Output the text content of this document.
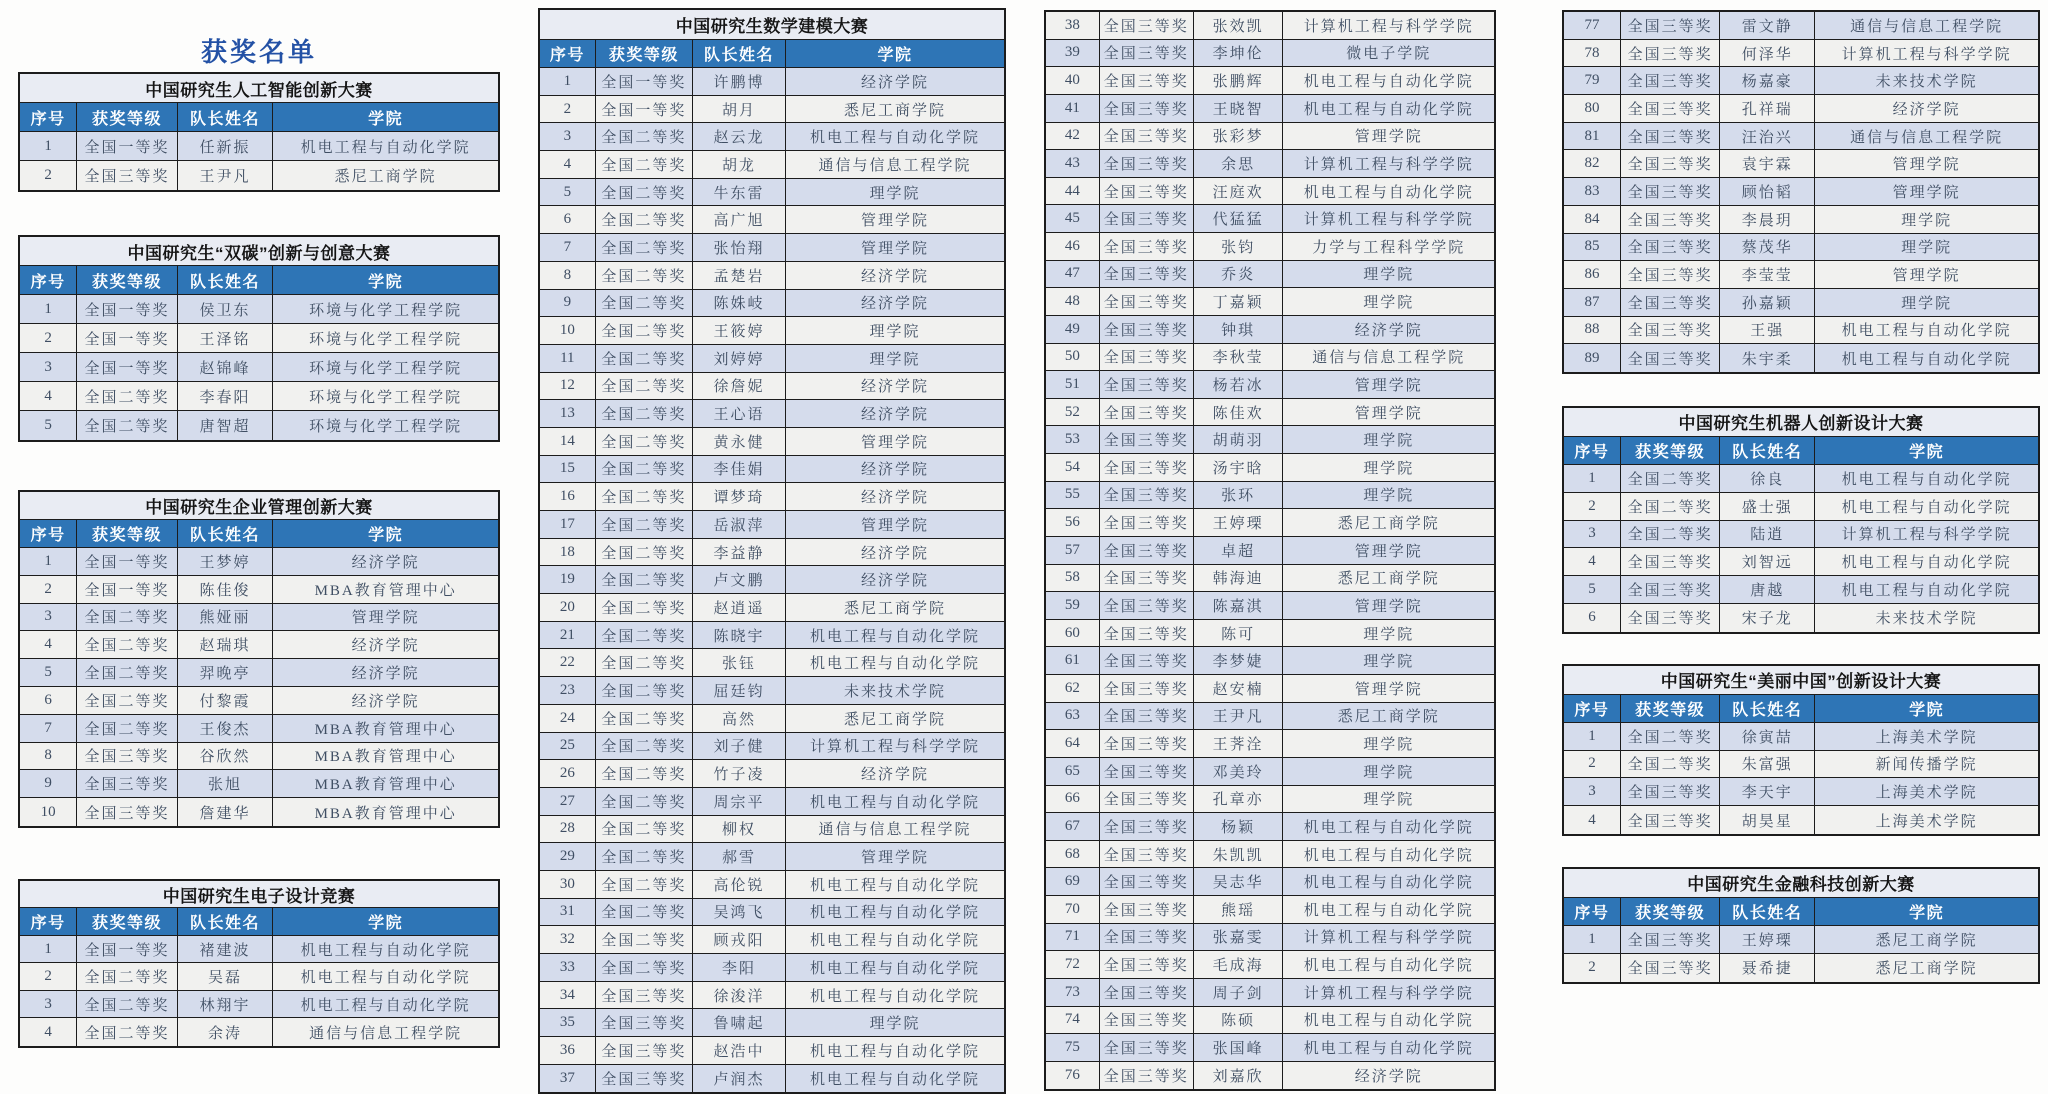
获奖名单
中国研究生人工智能创新大赛
序号	获奖等级	队长姓名	学院
1	全国一等奖	任新振	机电工程与自动化学院
2	全国三等奖	王尹凡	悉尼工商学院
中国研究生“双碳”创新与创意大赛
序号	获奖等级	队长姓名	学院
1	全国一等奖	侯卫东	环境与化学工程学院
2	全国一等奖	王泽铭	环境与化学工程学院
3	全国一等奖	赵锦峰	环境与化学工程学院
4	全国二等奖	李春阳	环境与化学工程学院
5	全国二等奖	唐智超	环境与化学工程学院
中国研究生企业管理创新大赛
序号	获奖等级	队长姓名	学院
1	全国一等奖	王梦婷	经济学院
2	全国一等奖	陈佳俊	MBA教育管理中心
3	全国二等奖	熊娅丽	管理学院
4	全国二等奖	赵瑞琪	经济学院
5	全国二等奖	羿晚亭	经济学院
6	全国二等奖	付黎霞	经济学院
7	全国二等奖	王俊杰	MBA教育管理中心
8	全国三等奖	谷欣然	MBA教育管理中心
9	全国三等奖	张旭	MBA教育管理中心
10	全国三等奖	詹建华	MBA教育管理中心
中国研究生电子设计竞赛
序号	获奖等级	队长姓名	学院
1	全国一等奖	褚建波	机电工程与自动化学院
2	全国二等奖	吴磊	机电工程与自动化学院
3	全国二等奖	林翔宇	机电工程与自动化学院
4	全国二等奖	余涛	通信与信息工程学院
中国研究生数学建模大赛
序号	获奖等级	队长姓名	学院
1	全国一等奖	许鹏博	经济学院
2	全国一等奖	胡月	悉尼工商学院
3	全国二等奖	赵云龙	机电工程与自动化学院
4	全国二等奖	胡龙	通信与信息工程学院
5	全国二等奖	牛东雷	理学院
6	全国二等奖	高广旭	管理学院
7	全国二等奖	张怡翔	管理学院
8	全国二等奖	孟楚岩	经济学院
9	全国二等奖	陈姝岐	经济学院
10	全国二等奖	王筱婷	理学院
11	全国二等奖	刘婷婷	理学院
12	全国二等奖	徐詹妮	经济学院
13	全国二等奖	王心语	经济学院
14	全国二等奖	黄永健	管理学院
15	全国二等奖	李佳娟	经济学院
16	全国二等奖	谭梦琦	经济学院
17	全国二等奖	岳淑萍	管理学院
18	全国二等奖	李益静	经济学院
19	全国二等奖	卢文鹏	经济学院
20	全国二等奖	赵逍遥	悉尼工商学院
21	全国二等奖	陈晓宇	机电工程与自动化学院
22	全国二等奖	张钰	机电工程与自动化学院
23	全国二等奖	屈廷钧	未来技术学院
24	全国二等奖	高然	悉尼工商学院
25	全国二等奖	刘子健	计算机工程与科学学院
26	全国二等奖	竹子凌	经济学院
27	全国二等奖	周宗平	机电工程与自动化学院
28	全国二等奖	柳权	通信与信息工程学院
29	全国二等奖	郝雪	管理学院
30	全国二等奖	高伦锐	机电工程与自动化学院
31	全国二等奖	吴鸿飞	机电工程与自动化学院
32	全国二等奖	顾戎阳	机电工程与自动化学院
33	全国二等奖	李阳	机电工程与自动化学院
34	全国三等奖	徐浚洋	机电工程与自动化学院
35	全国三等奖	鲁啸起	理学院
36	全国三等奖	赵浩中	机电工程与自动化学院
37	全国三等奖	卢润杰	机电工程与自动化学院
38	全国三等奖	张效凯	计算机工程与科学学院
39	全国三等奖	李坤伦	微电子学院
40	全国三等奖	张鹏辉	机电工程与自动化学院
41	全国三等奖	王晓智	机电工程与自动化学院
42	全国三等奖	张彩梦	管理学院
43	全国三等奖	余思	计算机工程与科学学院
44	全国三等奖	汪庭欢	机电工程与自动化学院
45	全国三等奖	代猛猛	计算机工程与科学学院
46	全国三等奖	张钧	力学与工程科学学院
47	全国三等奖	乔炎	理学院
48	全国三等奖	丁嘉颖	理学院
49	全国三等奖	钟琪	经济学院
50	全国三等奖	李秋莹	通信与信息工程学院
51	全国三等奖	杨若冰	管理学院
52	全国三等奖	陈佳欢	管理学院
53	全国三等奖	胡萌羽	理学院
54	全国三等奖	汤宇晗	理学院
55	全国三等奖	张环	理学院
56	全国三等奖	王婷瑮	悉尼工商学院
57	全国三等奖	卓超	管理学院
58	全国三等奖	韩海迪	悉尼工商学院
59	全国三等奖	陈嘉淇	管理学院
60	全国三等奖	陈可	理学院
61	全国三等奖	李梦婕	理学院
62	全国三等奖	赵安楠	管理学院
63	全国三等奖	王尹凡	悉尼工商学院
64	全国三等奖	王荠洤	理学院
65	全国三等奖	邓美玲	理学院
66	全国三等奖	孔章亦	理学院
67	全国三等奖	杨颖	机电工程与自动化学院
68	全国三等奖	朱凯凯	机电工程与自动化学院
69	全国三等奖	吴志华	机电工程与自动化学院
70	全国三等奖	熊瑶	机电工程与自动化学院
71	全国三等奖	张嘉雯	计算机工程与科学学院
72	全国三等奖	毛成海	机电工程与自动化学院
73	全国三等奖	周子剑	计算机工程与科学学院
74	全国三等奖	陈硕	机电工程与自动化学院
75	全国三等奖	张国峰	机电工程与自动化学院
76	全国三等奖	刘嘉欣	经济学院
77	全国三等奖	雷文静	通信与信息工程学院
78	全国三等奖	何泽华	计算机工程与科学学院
79	全国三等奖	杨嘉豪	未来技术学院
80	全国三等奖	孔祥瑞	经济学院
81	全国三等奖	汪治兴	通信与信息工程学院
82	全国三等奖	袁宇霖	管理学院
83	全国三等奖	顾怡韬	管理学院
84	全国三等奖	李晨玥	理学院
85	全国三等奖	蔡茂华	理学院
86	全国三等奖	李莹莹	管理学院
87	全国三等奖	孙嘉颖	理学院
88	全国三等奖	王强	机电工程与自动化学院
89	全国三等奖	朱宇柔	机电工程与自动化学院
中国研究生机器人创新设计大赛
序号	获奖等级	队长姓名	学院
1	全国二等奖	徐良	机电工程与自动化学院
2	全国二等奖	盛士强	机电工程与自动化学院
3	全国二等奖	陆逍	计算机工程与科学学院
4	全国三等奖	刘智远	机电工程与自动化学院
5	全国三等奖	唐越	机电工程与自动化学院
6	全国三等奖	宋子龙	未来技术学院
中国研究生“美丽中国”创新设计大赛
序号	获奖等级	队长姓名	学院
1	全国二等奖	徐寅喆	上海美术学院
2	全国二等奖	朱富强	新闻传播学院
3	全国三等奖	李天宇	上海美术学院
4	全国三等奖	胡昊星	上海美术学院
中国研究生金融科技创新大赛
序号	获奖等级	队长姓名	学院
1	全国三等奖	王婷瑮	悉尼工商学院
2	全国三等奖	聂希捷	悉尼工商学院
